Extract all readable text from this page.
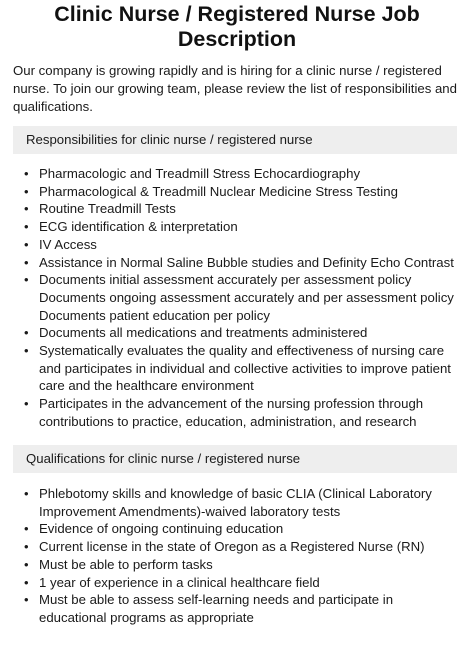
Clinic Nurse / Registered Nurse Job Description

Our company is growing rapidly and is hiring for a clinic nurse / registered nurse. To join our growing team, please review the list of responsibilities and qualifications.

Responsibilities for clinic nurse / registered nurse
• Pharmacologic and Treadmill Stress Echocardiography
• Pharmacological & Treadmill Nuclear Medicine Stress Testing
• Routine Treadmill Tests
• ECG identification & interpretation
• IV Access
• Assistance in Normal Saline Bubble studies and Definity Echo Contrast
• Documents initial assessment accurately per assessment policy Documents ongoing assessment accurately and per assessment policy Documents patient education per policy
• Documents all medications and treatments administered
• Systematically evaluates the quality and effectiveness of nursing care and participates in individual and collective activities to improve patient care and the healthcare environment
• Participates in the advancement of the nursing profession through contributions to practice, education, administration, and research
Qualifications for clinic nurse / registered nurse
• Phlebotomy skills and knowledge of basic CLIA (Clinical Laboratory Improvement Amendments)-waived laboratory tests
• Evidence of ongoing continuing education
• Current license in the state of Oregon as a Registered Nurse (RN)
• Must be able to perform tasks
• 1 year of experience in a clinical healthcare field
• Must be able to assess self-learning needs and participate in educational programs as appropriate
